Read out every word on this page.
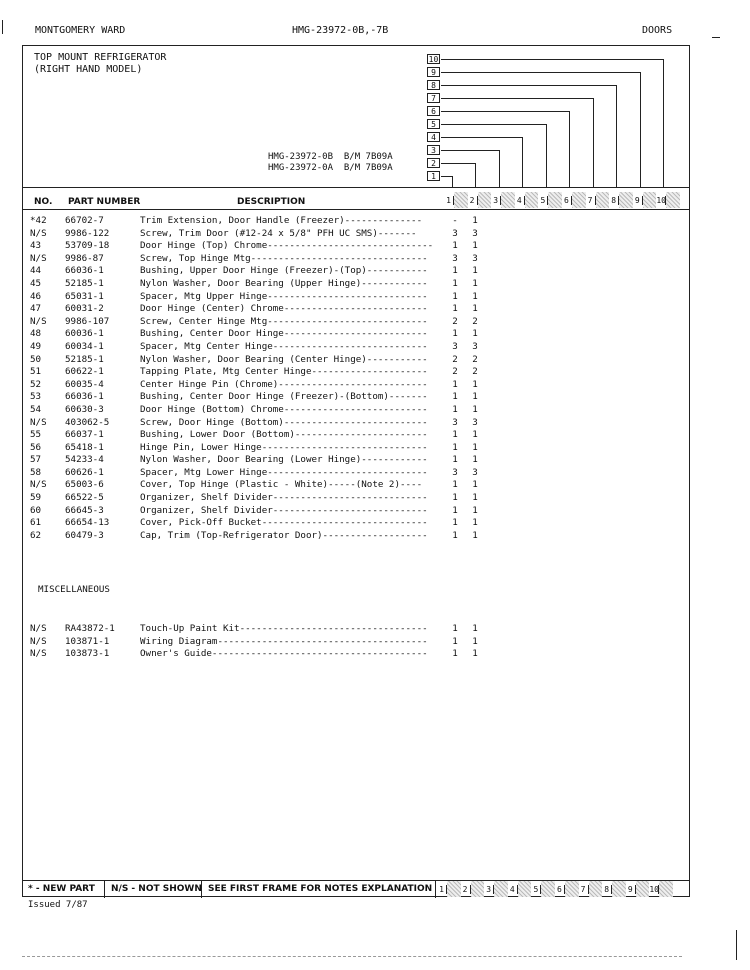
MONTGOMERY WARD	HMG-23972-0B,-7B	DOORS
TOP MOUNT REFRIGERATOR
(RIGHT HAND MODEL)
HMG-23972-0B B/M 7B09A
HMG-23972-0A B/M 7B09A
10
9
8
7
6
5
4
3
2
1
NO. PART NUMBER	DESCRIPTION	1	2	3	4	5	6	7	8	9	10
*42	66702-7	Trim Extension, Door Handle (Freezer)--------------	-	1
N/S	9986-122	Screw, Trim Door (#12-24 x 5/8" PFH UC SMS)-------	3	3
43	53709-18	Door Hinge (Top) Chrome------------------------------	1	1
N/S	9986-87	Screw, Top Hinge Mtg--------------------------------	3	3
44	66036-1	Bushing, Upper Door Hinge (Freezer)-(Top)-----------	1	1
45	52185-1	Nylon Washer, Door Bearing (Upper Hinge)------------	1	1
46	65031-1	Spacer, Mtg Upper Hinge-----------------------------	1	1
47	60031-2	Door Hinge (Center) Chrome--------------------------	1	1
N/S	9986-107	Screw, Center Hinge Mtg-----------------------------	2	2
48	60036-1	Bushing, Center Door Hinge--------------------------	1	1
49	60034-1	Spacer, Mtg Center Hinge----------------------------	3	3
50	52185-1	Nylon Washer, Door Bearing (Center Hinge)-----------	2	2
51	60622-1	Tapping Plate, Mtg Center Hinge---------------------	2	2
52	60035-4	Center Hinge Pin (Chrome)---------------------------	1	1
53	66036-1	Bushing, Center Door Hinge (Freezer)-(Bottom)-------	1	1
54	60630-3	Door Hinge (Bottom) Chrome--------------------------	1	1
N/S	403062-5	Screw, Door Hinge (Bottom)--------------------------	3	3
55	66037-1	Bushing, Lower Door (Bottom)------------------------	1	1
56	65418-1	Hinge Pin, Lower Hinge------------------------------	1	1
57	54233-4	Nylon Washer, Door Bearing (Lower Hinge)------------	1	1
58	60626-1	Spacer, Mtg Lower Hinge-----------------------------	3	3
N/S	65003-6	Cover, Top Hinge (Plastic - White)-----(Note 2)----	1	1
59	66522-5	Organizer, Shelf Divider----------------------------	1	1
60	66645-3	Organizer, Shelf Divider----------------------------	1	1
61	66654-13	Cover, Pick-Off Bucket------------------------------	1	1
62	60479-3	Cap, Trim (Top-Refrigerator Door)-------------------	1	1
MISCELLANEOUS
N/S	RA43872-1	Touch-Up Paint Kit----------------------------------	1	1
N/S	103871-1	Wiring Diagram--------------------------------------	1	1
N/S	103873-1	Owner's Guide---------------------------------------	1	1
* - NEW PART	N/S - NOT SHOWN SEE FIRST FRAME FOR NOTES EXPLANATION 1	2	3	4	5	6	7	8	9	10
Issued 7/87
